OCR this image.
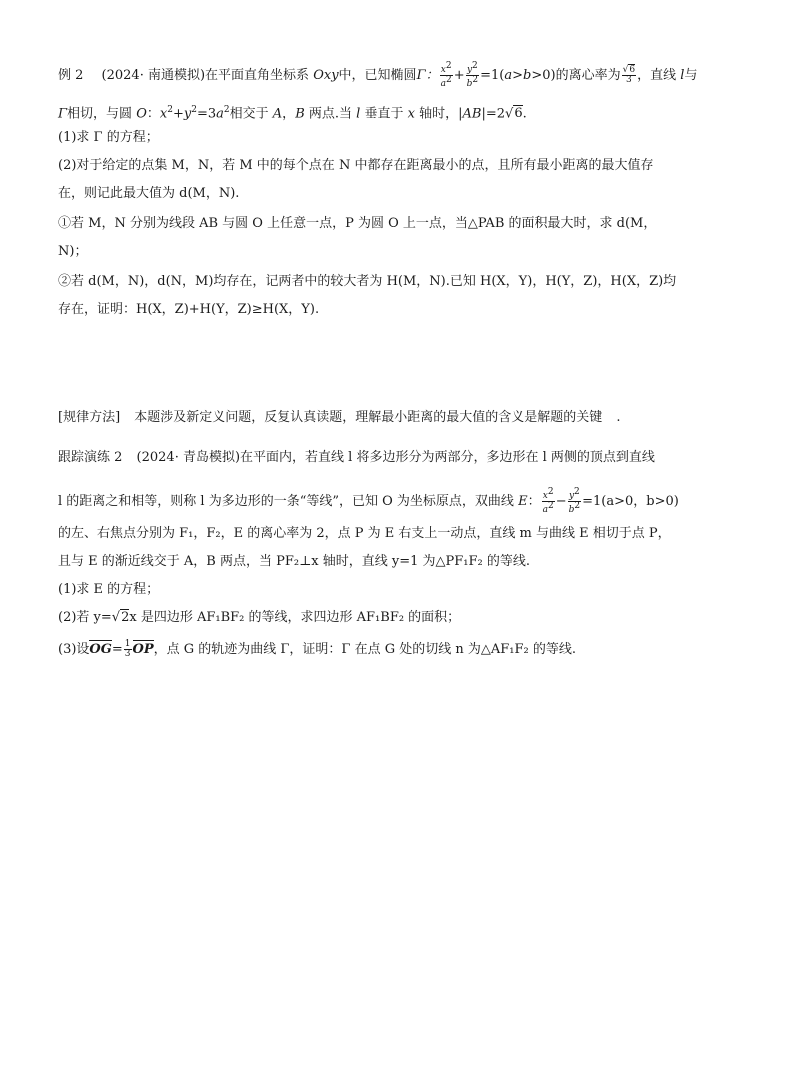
例 2 (2024· 南通模拟)在平面直角坐标系 Oxy中，已知椭圆Γ： $\frac{x^2}{a^2} + \frac{y^2}{b^2} =1(a>b>0)$的离心率为 $\frac{√6}{3}$ ，直线 l与
Γ相切，与圆 O：$x^2+y^2=3a^2$相交于 A，B 两点.当 l 垂直于 x 轴时，|AB|=2√6.
(1)求 Γ 的方程；
(2)对于给定的点集 M，N，若 M 中的每个点在 N 中都存在距离最小的点，且所有最小距离的最大值存
在，则记此最大值为 d(M，N).
①若 M，N 分别为线段 AB 与圆 O 上任意一点，P 为圆 O 上一点，当△PAB 的面积最大时，求 d(M，
N)；
②若 d(M，N)，d(N，M)均存在，记两者中的较大者为 H(M，N).已知 H(X，Y)，H(Y，Z)，H(X，Z)均
存在，证明：H(X，Z)+H(Y，Z)≥H(X，Y).
[规律方法] 本题涉及新定义问题，反复认真读题，理解最小距离的最大值的含义是解题的关键 .
跟踪演练 2 (2024· 青岛模拟)在平面内，若直线 l 将多边形分为两部分，多边形在 l 两侧的顶点到直线
l 的距离之和相等，则称 l 为多边形的一条“等线”，已知 O 为坐标原点，双曲线 E： $\frac{x^2}{a^2} - \frac{y^2}{b^2} =1(a>0$，b>0)
的左、右焦点分别为 F₁，F₂，E 的离心率为 2，点 P 为 E 右支上一动点，直线 m 与曲线 E 相切于点 P，
且与 E 的渐近线交于 A，B 两点，当 PF₂⊥x 轴时，直线 y=1 为△PF₁F₂ 的等线.
(1)求 E 的方程；
(2)若 y=√2x 是四边形 AF₁BF₂ 的等线，求四边形 AF₁BF₂ 的面积；
(3)设$OG= \frac{1}{3}$ OP，点 G 的轨迹为曲线 Γ，证明：Γ 在点 G 处的切线 n 为△AF₁F₂ 的等线.
